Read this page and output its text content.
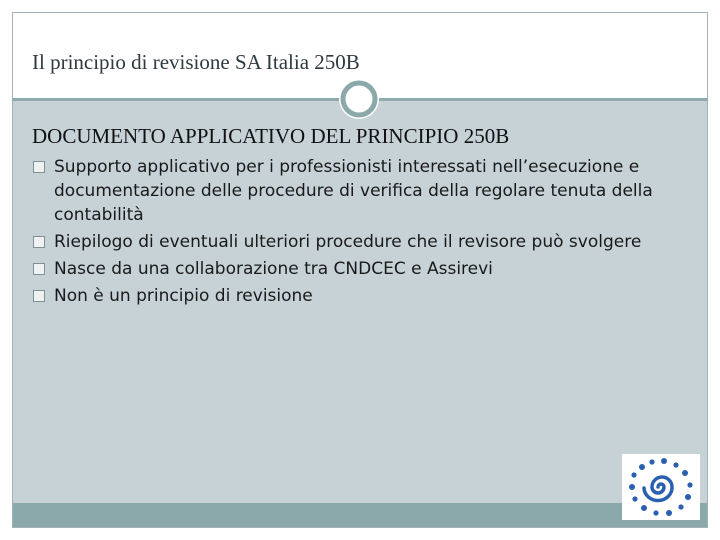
Il principio di revisione SA Italia 250B
DOCUMENTO APPLICATIVO DEL PRINCIPIO 250B
Supporto applicativo per i professionisti interessati nell’esecuzione e documentazione delle procedure di verifica della regolare tenuta della contabilità
Riepilogo di eventuali ulteriori procedure che il revisore può svolgere
Nasce da una collaborazione tra CNDCEC e Assirevi
Non è un principio di revisione
